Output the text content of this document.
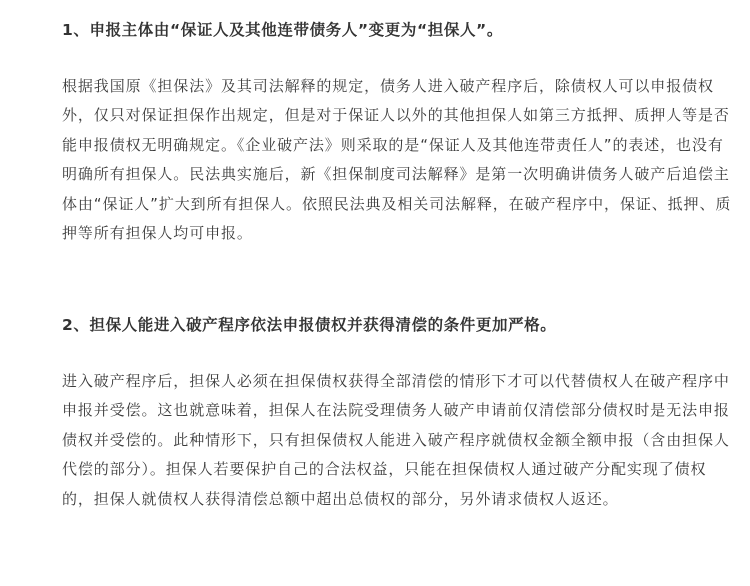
1、申报主体由“保证人及其他连带债务人”变更为“担保人”。

根据我国原《担保法》及其司法解释的规定，债务人进入破产程序后，除债权人可以申报债权外，仅只对保证担保作出规定，但是对于保证人以外的其他担保人如第三方抵押、质押人等是否能申报债权无明确规定。《企业破产法》则采取的是“保证人及其他连带责任人”的表述，也没有明确所有担保人。民法典实施后，新《担保制度司法解释》是第一次明确讲债务人破产后追偿主体由“保证人”扩大到所有担保人。依照民法典及相关司法解释，在破产程序中，保证、抵押、质押等所有担保人均可申报。

2、担保人能进入破产程序依法申报债权并获得清偿的条件更加严格。

进入破产程序后，担保人必须在担保债权获得全部清偿的情形下才可以代替债权人在破产程序中申报并受偿。这也就意味着，担保人在法院受理债务人破产申请前仅清偿部分债权时是无法申报债权并受偿的。此种情形下，只有担保债权人能进入破产程序就债权金额全额申报（含由担保人代偿的部分）。担保人若要保护自己的合法权益，只能在担保债权人通过破产分配实现了债权的，担保人就债权人获得清偿总额中超出总债权的部分，另外请求债权人返还。
